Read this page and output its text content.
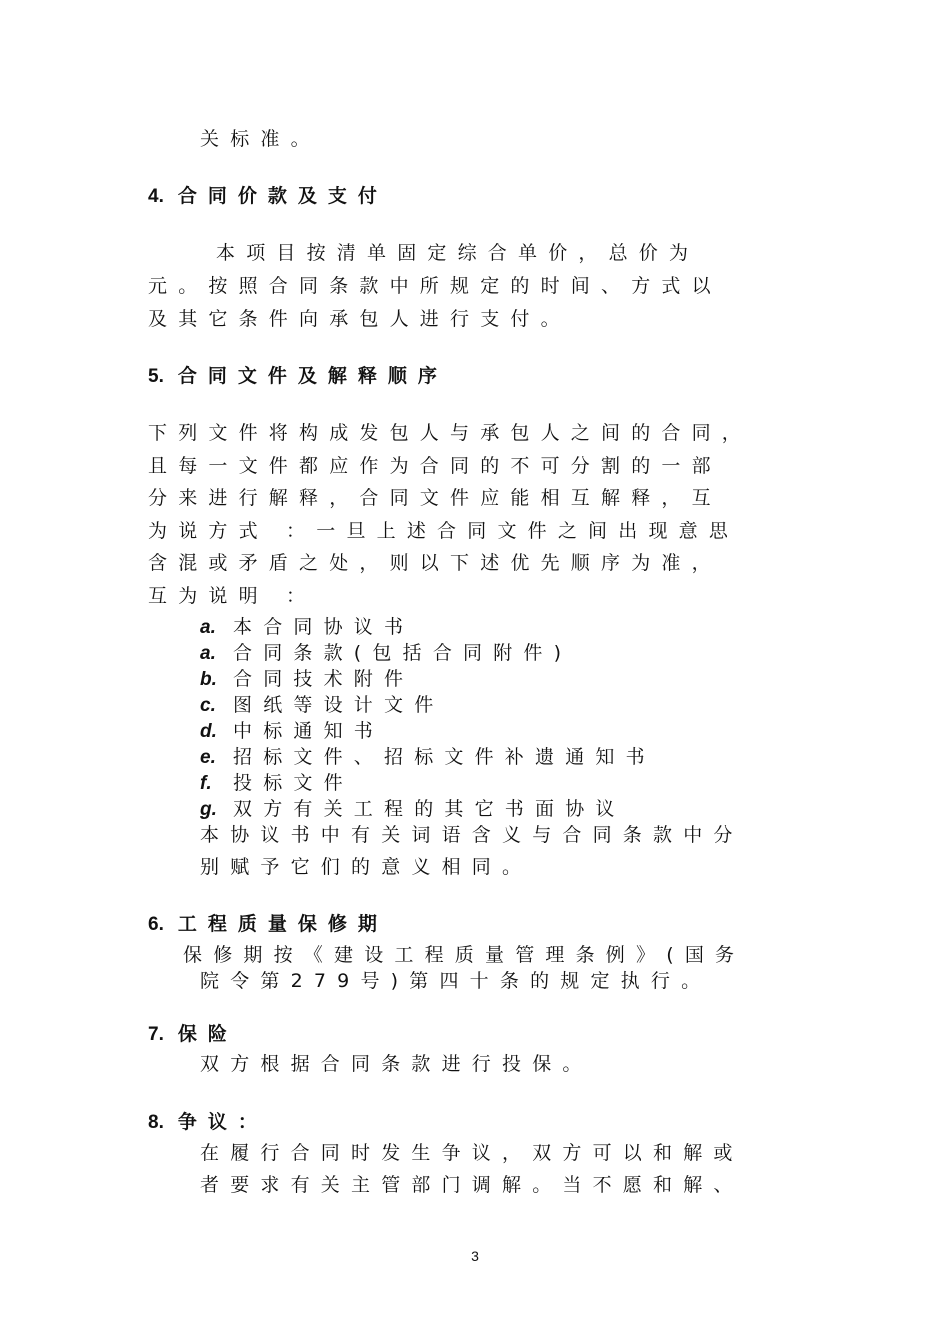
关标准。
4. 合同价款及支付
本项目按清单固定综合单价，总价为
元。按照合同条款中所规定的时间、方式以
及其它条件向承包人进行支付。
5. 合同文件及解释顺序
下列文件将构成发包人与承包人之间的合同，
且每一文件都应作为合同的不可分割的一部
分来进行解释，合同文件应能相互解释，互
为说方式 ：一旦上述合同文件之间出现意思
含混或矛盾之处，则以下述优先顺序为准，
互为说明 ：
a. 本合同协议书
a. 合同条款(包括合同附件)
b. 合同技术附件
c. 图纸等设计文件
d. 中标通知书
e. 招标文件、招标文件补遗通知书
f. 投标文件
g. 双方有关工程的其它书面协议
本协议书中有关词语含义与合同条款中分
别赋予它们的意义相同。
6. 工程质量保修期
保修期按《建设工程质量管理条例》(国务
院令第279号)第四十条的规定执行。
7. 保险
双方根据合同条款进行投保。
8. 争议：
在履行合同时发生争议，双方可以和解或
者要求有关主管部门调解。当不愿和解、
3
